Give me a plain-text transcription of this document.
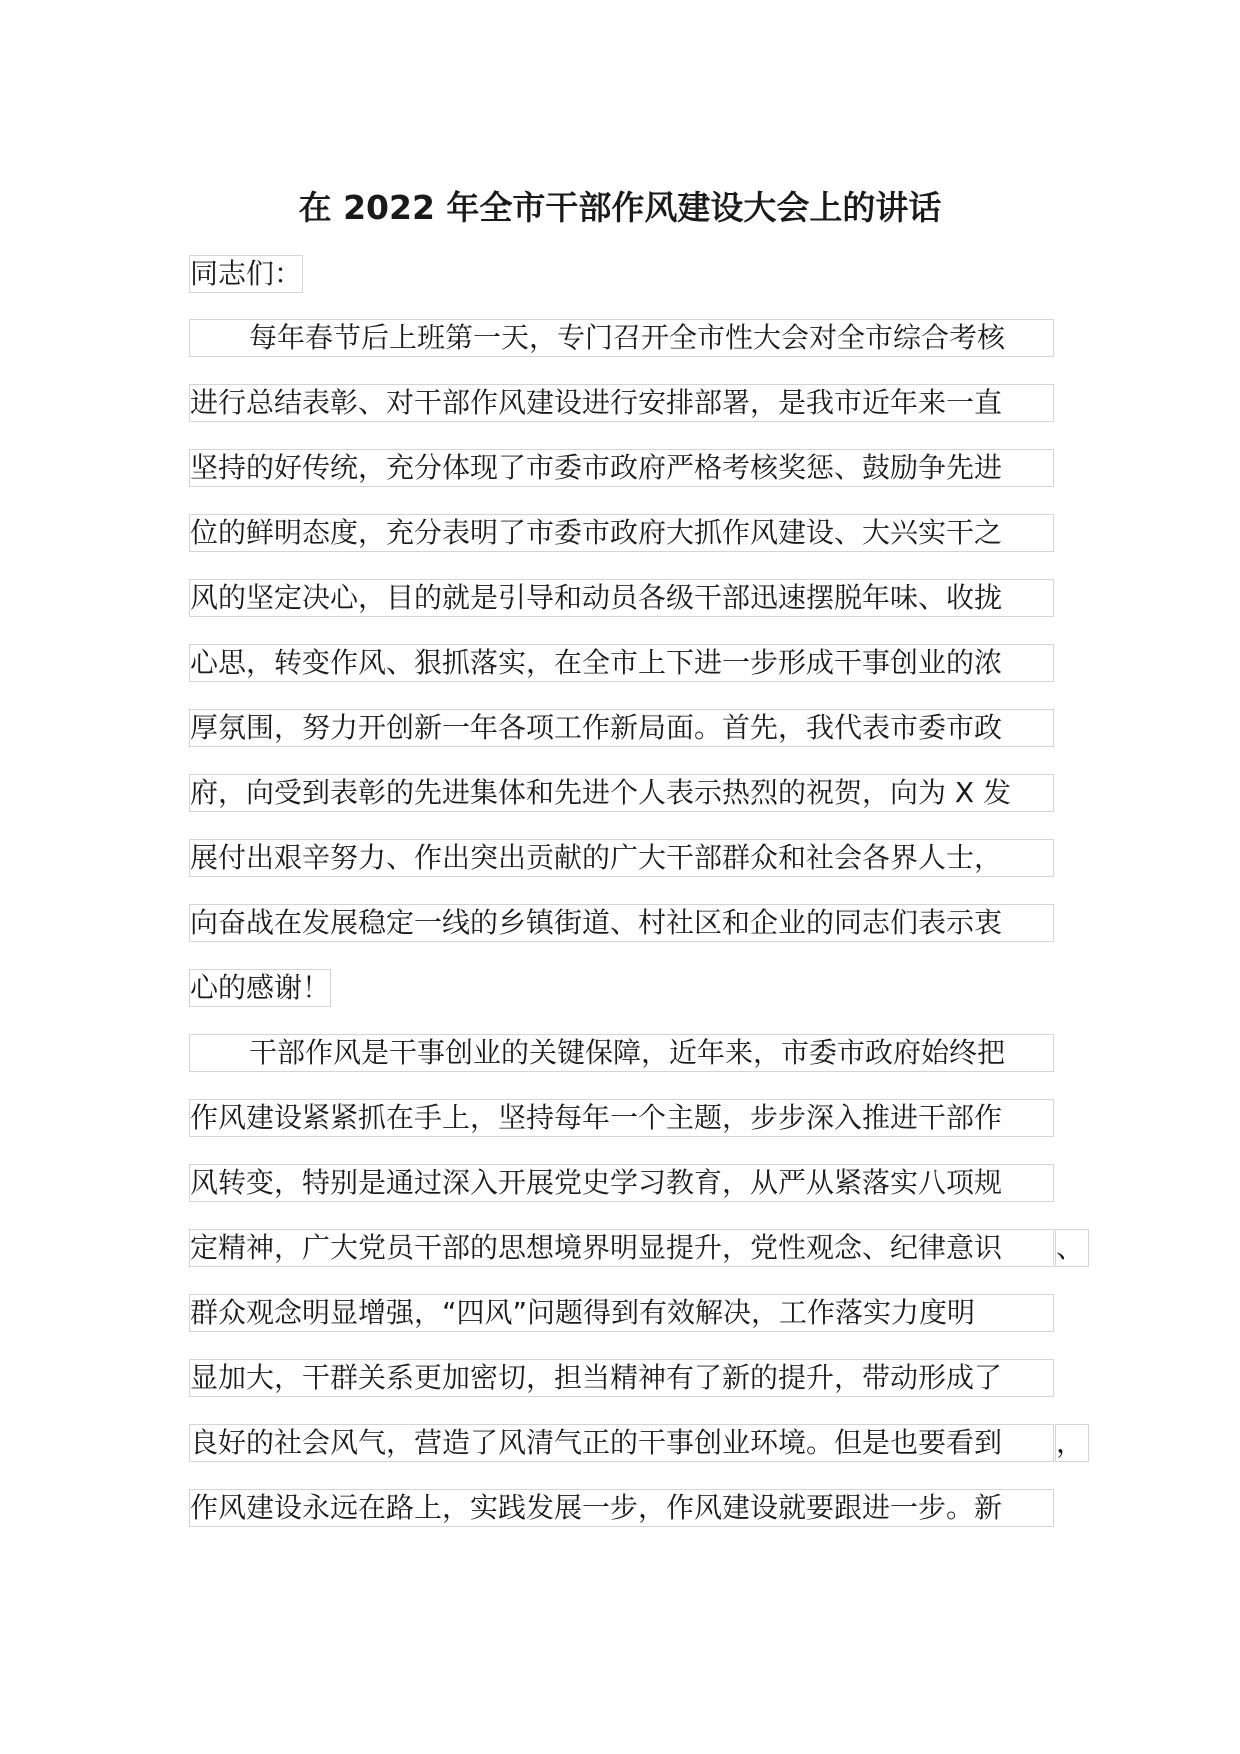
在 2022 年全市干部作风建设大会上的讲话
同志们：
每年春节后上班第一天，专门召开全市性大会对全市综合考核
进行总结表彰、对干部作风建设进行安排部署，是我市近年来一直
坚持的好传统，充分体现了市委市政府严格考核奖惩、鼓励争先进
位的鲜明态度，充分表明了市委市政府大抓作风建设、大兴实干之
风的坚定决心，目的就是引导和动员各级干部迅速摆脱年味、收拢
心思，转变作风、狠抓落实，在全市上下进一步形成干事创业的浓
厚氛围，努力开创新一年各项工作新局面。首先，我代表市委市政
府，向受到表彰的先进集体和先进个人表示热烈的祝贺，向为 X 发
展付出艰辛努力、作出突出贡献的广大干部群众和社会各界人士，
向奋战在发展稳定一线的乡镇街道、村社区和企业的同志们表示衷
心的感谢！
干部作风是干事创业的关键保障，近年来，市委市政府始终把
作风建设紧紧抓在手上，坚持每年一个主题，步步深入推进干部作
风转变，特别是通过深入开展党史学习教育，从严从紧落实八项规
定精神，广大党员干部的思想境界明显提升，党性观念、纪律意识 、
群众观念明显增强，“四风”问题得到有效解决，工作落实力度明
显加大，干群关系更加密切，担当精神有了新的提升，带动形成了
良好的社会风气，营造了风清气正的干事创业环境。但是也要看到 ，
作风建设永远在路上，实践发展一步，作风建设就要跟进一步。新
